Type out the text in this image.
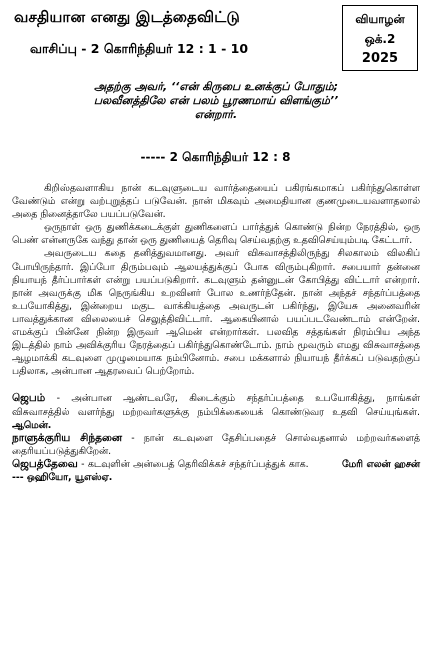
வசதியான எனது இடத்தைவிட்டு
வாசிப்பு - 2 கொரிந்தியர் 12 : 1 - 10
வியாழன்
ஒக்.2
2025
அதற்கு அவர், ‘‘என் கிருபை உனக்குப் போதும்;
பலவீனத்திலே என் பலம் பூரணமாய் விளங்கும்’’
என்றார்.
----- 2 கொரிந்தியர் 12 : 8

கிறிஸ்தவளாகிய நான் கடவுளுடைய வார்த்தையைப் பகிரங்கமாகப் பகிர்ந்துகொள்ள வேண்டும் என்று வற்புறுத்தப் படுவேன். நான் மிகவும் அமைதியான குணமுடையவளாதலால் அதை நினைத்தாலே பயப்படுவேன்.

ஒருநாள் ஒரு துணிக்கடைக்குள் துணிகளைப் பார்த்துக் கொண்டு நின்ற நேரத்தில், ஒரு பெண் என்னருகே வந்து தான் ஒரு துணியைத் தெரிவு செய்வதற்கு உதவிசெய்யும்படி கேட்டார்.

அவருடைய கதை தனித்துவமானது. அவர் விசுவாசத்திலிருந்து சிலகாலம் விலகிப் போயிருந்தார். இப்போ திரும்பவும் ஆலயத்துக்குப் போக விரும்புகிறார். சபையார் தன்னை நியாயந் தீர்ப்பார்கள் என்று பயப்படுகிறார். கடவுளும் தன்னுடன் கோபித்து விட்டார் என்றார். நான் அவருக்கு மிக நெருங்கிய உறவினர் போல உணர்ந்தேன். நான் அந்தச் சந்தர்ப்பத்தை உபயோகித்து, இன்றைய மகுட வாக்கியத்தை அவருடன் பகிர்ந்து, இயேசு அனைவரின் பாவத்துக்கான விலையைச் செலுத்திவிட்டார். ஆகையினால் பயப்படவேண்டாம் என்றேன். எமக்குப் பின்னே நின்ற இருவர் ஆமென் என்றார்கள். பலவித சத்தங்கள் நிரம்பிய அந்த இடத்தில் நாம் அவிக்குரிய நேரத்தைப் பகிர்ந்துகொண்டோம். நாம் மூவரும் எமது விசுவாசத்தை ஆழமாக்கி கடவுளை முழுமையாக நம்பினோம். சபை மக்களால் நியாயந் தீர்க்கப் படுவதற்குப் பதிலாக, அன்பான ஆதரவைப் பெற்றோம்.

ஜெபம் - அன்பான ஆண்டவரே, கிடைக்கும் சந்தர்ப்பத்தை உபயோகித்து, நாங்கள் விசுவாசத்தில் வளர்ந்து மற்றவர்களுக்கு நம்பிக்கையைக் கொண்டுவர உதவி செய்யுங்கள். ஆமென்.

நாளுக்குரிய சிந்தனை - நான் கடவுளை தேசிப்பதைச் சொல்வதனால் மற்றவர்களைத் தைரியப்படுத்துகிறேன்.

ஜெபத்தேவை - கடவுளின் அன்பைத் தெரிவிக்கச் சந்தர்ப்பத்துக் காக.	மேரி எலன் ஹசன் --- ஒஹியோ, யூஎஸ்ஏ.
